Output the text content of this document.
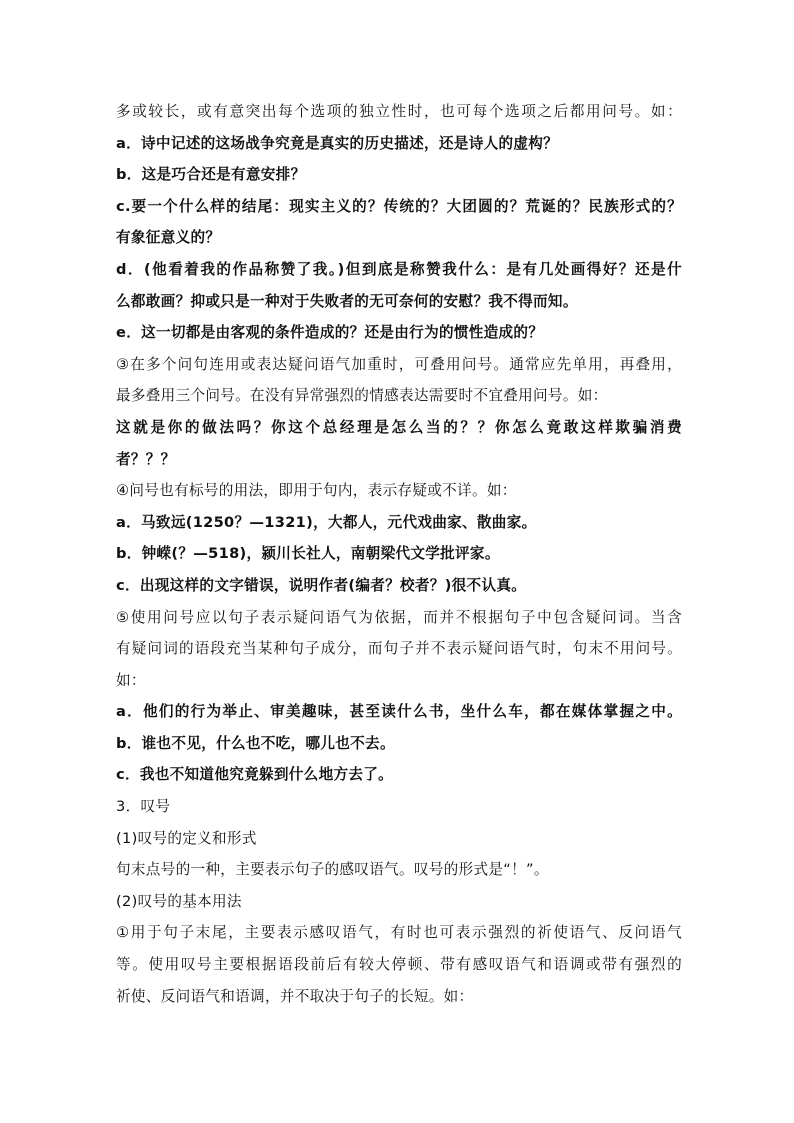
多或较长，或有意突出每个选项的独立性时，也可每个选项之后都用问号。如：
a．诗中记述的这场战争究竟是真实的历史描述，还是诗人的虚构？
b．这是巧合还是有意安排？
c.要一个什么样的结尾：现实主义的？传统的？大团圆的？荒诞的？民族形式的？
有象征意义的？
d．(他看着我的作品称赞了我。)但到底是称赞我什么：是有几处画得好？还是什
么都敢画？抑或只是一种对于失败者的无可奈何的安慰？我不得而知。
e．这一切都是由客观的条件造成的？还是由行为的惯性造成的？
③在多个问句连用或表达疑问语气加重时，可叠用问号。通常应先单用，再叠用，
最多叠用三个问号。在没有异常强烈的情感表达需要时不宜叠用问号。如：
这就是你的做法吗？你这个总经理是怎么当的？？你怎么竟敢这样欺骗消费
者？？？
④问号也有标号的用法，即用于句内，表示存疑或不详。如：
a．马致远(1250？—1321)，大都人，元代戏曲家、散曲家。
b．钟嵘(？—518)，颍川长社人，南朝梁代文学批评家。
c．出现这样的文字错误，说明作者(编者？校者？)很不认真。
⑤使用问号应以句子表示疑问语气为依据，而并不根据句子中包含疑问词。当含
有疑问词的语段充当某种句子成分，而句子并不表示疑问语气时，句末不用问号。
如：
a．他们的行为举止、审美趣味，甚至读什么书，坐什么车，都在媒体掌握之中。
b．谁也不见，什么也不吃，哪儿也不去。
c．我也不知道他究竟躲到什么地方去了。
3．叹号
(1)叹号的定义和形式
句末点号的一种，主要表示句子的感叹语气。叹号的形式是“！”。
(2)叹号的基本用法
①用于句子末尾，主要表示感叹语气，有时也可表示强烈的祈使语气、反问语气
等。使用叹号主要根据语段前后有较大停顿、带有感叹语气和语调或带有强烈的
祈使、反问语气和语调，并不取决于句子的长短。如：
